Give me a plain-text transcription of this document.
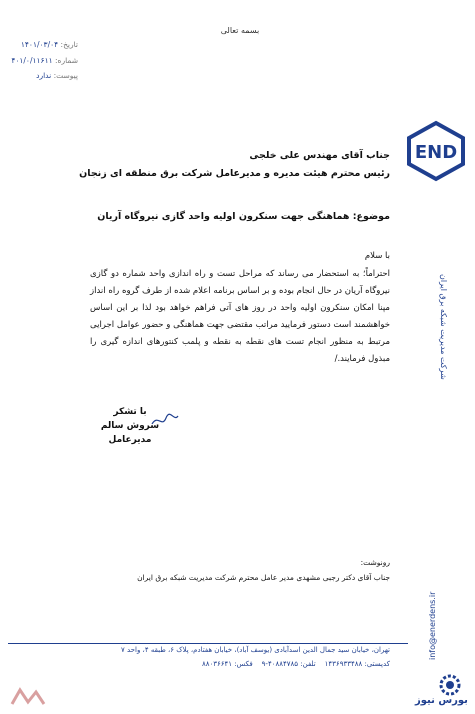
بسمه تعالی
تاریخ: ۱۴۰۱/۰۳/۰۴
شماره: ۴۰۱/۰/۱۱۶۱۱
پیوست: ندارد
END
شرکت مدیریت شبکه برق ایران
info@enerdens.ir
جناب آقای مهندس علی خلجی
رئیس محترم هیئت مدیره و مدیرعامل شرکت برق منطقه ای زنجان
موضوع: هماهنگی جهت سنکرون اولیه واحد گازی نیروگاه آریان
با سلام
احتراماً؛ به استحضار می رساند که مراحل تست و راه اندازی واحد شماره دو گازی نیروگاه آریان در حال انجام بوده و بر اساس برنامه اعلام شده از طرف گروه راه انداز مپنا امکان سنکرون اولیه واحد در روز های آتی فراهم خواهد بود لذا بر این اساس خواهشمند است دستور فرمایید مراتب مقتضی جهت هماهنگی و حضور عوامل اجرایی مرتبط به منظور انجام تست های نقطه به نقطه و پلمب کنتورهای اندازه گیری را مبذول فرمایند./
با تشکر
سروش سالم
مدیرعامل
رونوشت:
جناب آقای دکتر رجبی مشهدی مدیر عامل محترم شرکت مدیریت شبکه برق ایران
تهران، خیابان سید جمال الدین اسدآبادی (یوسف آباد)، خیابان هفتادم، پلاک ۶، طبقه ۴، واحد ۷
کدپستی: ۱۴۳۶۹۳۳۴۸۸    تلفن: ۴۰۸۸۴۷۸۵-۹    فکس: ۸۸۰۳۶۶۴۱
بورس نیوز
